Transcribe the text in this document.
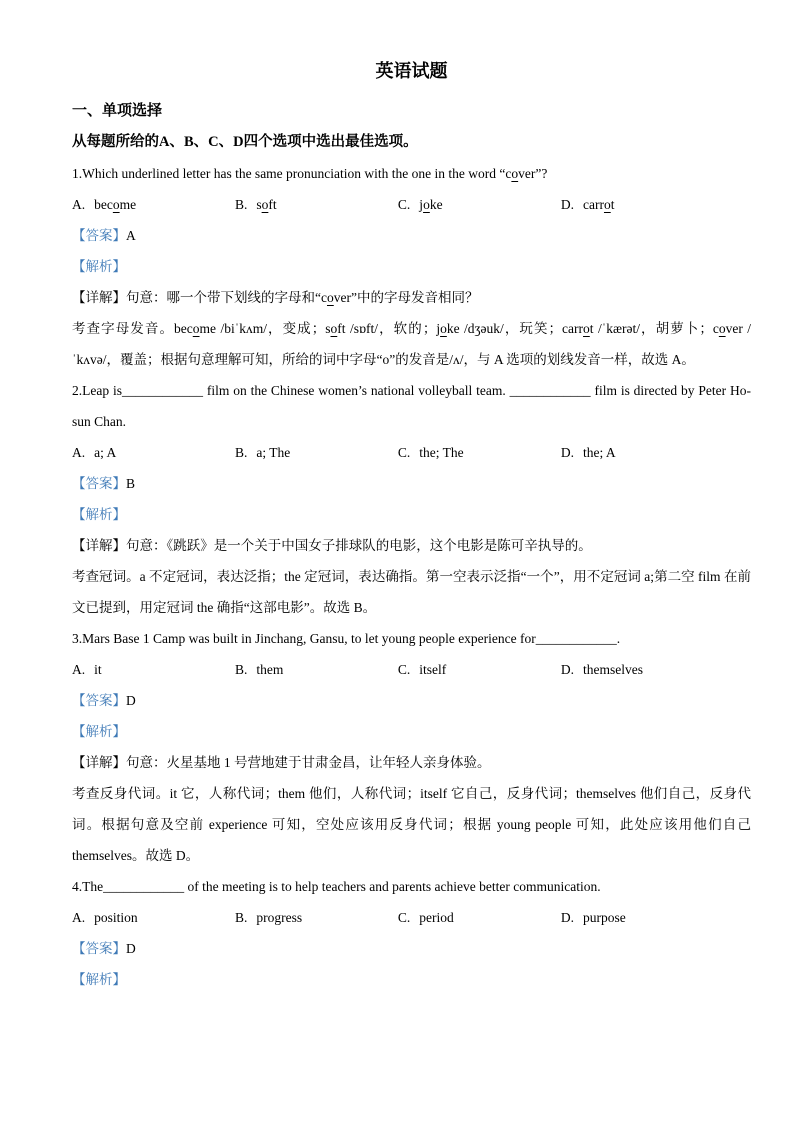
英语试题

一、单项选择

从每题所给的A、B、C、D四个选项中选出最佳选项。

1.Which underlined letter has the same pronunciation with the one in the word “cover”?

A. become	B. soft	C. joke	D. carrot

【答案】A

【解析】

【详解】句意：哪一个带下划线的字母和“cover”中的字母发音相同？

考查字母发音。become /biˈkʌm/，变成；soft /sɒft/，软的；joke /dʒəuk/，玩笑；carrot /ˈkærət/，胡萝卜；cover /ˈkʌvə/，覆盖；根据句意理解可知，所给的词中字母“o”的发音是/ʌ/，与 A 选项的划线发音一样，故选 A。

2.Leap is____________ film on the Chinese women’s national volleyball team. ____________ film is directed by Peter Ho-sun Chan.

A. a; A	B. a; The	C. the; The	D. the; A

【答案】B

【解析】

【详解】句意：《跳跃》是一个关于中国女子排球队的电影，这个电影是陈可辛执导的。

考查冠词。a 不定冠词，表达泛指；the 定冠词，表达确指。第一空表示泛指“一个”，用不定冠词 a;第二空 film 在前文已提到，用定冠词 the 确指“这部电影”。故选 B。

3.Mars Base 1 Camp was built in Jinchang, Gansu, to let young people experience for____________.

A. it	B. them	C. itself	D. themselves

【答案】D

【解析】

【详解】句意：火星基地 1 号营地建于甘肃金昌，让年轻人亲身体验。

考查反身代词。it 它，人称代词；them 他们，人称代词；itself 它自己，反身代词；themselves 他们自己，反身代词。根据句意及空前 experience 可知，空处应该用反身代词；根据 young people 可知，此处应该用他们自己 themselves。故选 D。

4.The____________ of the meeting is to help teachers and parents achieve better communication.

A. position	B. progress	C. period	D. purpose

【答案】D

【解析】
